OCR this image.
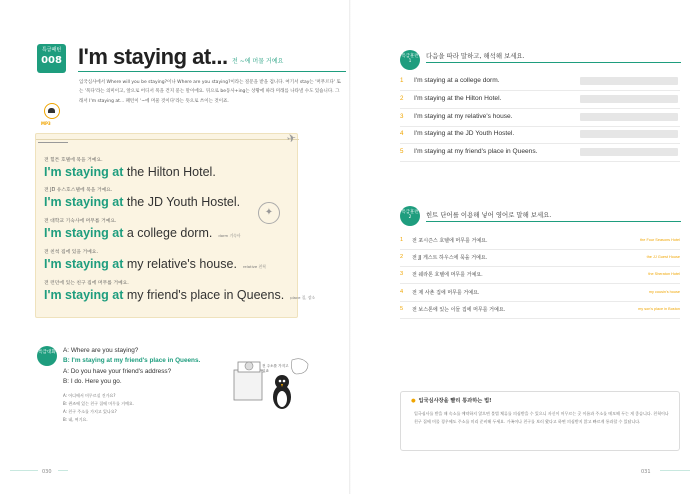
특급패턴
008 I'm staying at... 전 ~에 머물 거예요
MP3
입국심사에서 Where will you be staying?이나 Where are you staying?이라는 질문을 받을 겁니다. 여기서 stay는 '머무르다' 또는 '묵다'라는 의미이고, 앞으로 어디서 묵을 건지 묻는 말이에요. 뒤으로 be동사+ing는 상황에 따라 미래를 나타낼 수도 있습니다. 그래서 I'm staying at... 패턴이 '~에 머물 것이다'라는 뜻으로 쓰이는 것이죠.
✈
✦
전 힐튼 호텔에 묵을 거예요.
I'm staying at the Hilton Hotel.
전 JD 유스호스텔에 묵을 거예요.
I'm staying at the JD Youth Hostel.
전 대학교 기숙사에 머무를 거예요.
I'm staying at a college dorm. dorm 기숙사
전 친척 집에 있을 거예요.
I'm staying at my relative's house. relative 친척
전 런던에 있는 친구 집에 머무를 거예요.
I'm staying at my friend's place in Queens. place 집, 장소
특급대화 A: Where are you staying?
B: I'm staying at my friend's place in Queens.
A: Do you have your friend's address?
B: I do. Here you go.
A: 어디에서 머무르실 건가요?
B: 퀸즈에 있는 친구 집에 머무를 거예요.
A: 친구 주소를 가지고 있나요?
B: 네, 여기요.
전 주소를 가지고 있죠
030
특급훈련 1
다음을 따라 말하고, 해석해 보세요.
1 I'm staying at a college dorm.
2 I'm staying at the Hilton Hotel.
3 I'm staying at my relative's house.
4 I'm staying at the JD Youth Hostel.
5 I'm staying at my friend's place in Queens.
특급훈련 2	힌트 단어를 이용해 넣어 영어로 말해 보세요.
1 전 포시즌스 호텔에 머무를 거예요.	the Four Seasons Hotel
2 전 JJ 게스트 하우스에 묵을 거예요.	the JJ Guest House
3 전 쉐라톤 호텔에 머무를 거예요.	the Sheraton Hotel
4 전 제 사촌 집에 머무를 거예요.	my cousin's house
5 전 보스톤에 있는 이들 집에 머무를 거예요.	my son's place in Boston
● 입국심사장을 빨리 통과하는 법!
입국심사를 받을 때 숙소를 예약하지 않으면 불법 체류를 의심받을 수 있으니 자신이 머무르는 곳 이름과 주소를 메모해 두는 게 좋습니다. 친척이나 친구 집에 머물 경우에도 주소를 미리 준비해 두세요. 가족이나 친구를 보러 왔다고 하면 의심받지 않고 빠르게 통과할 수 있답니다.
031
